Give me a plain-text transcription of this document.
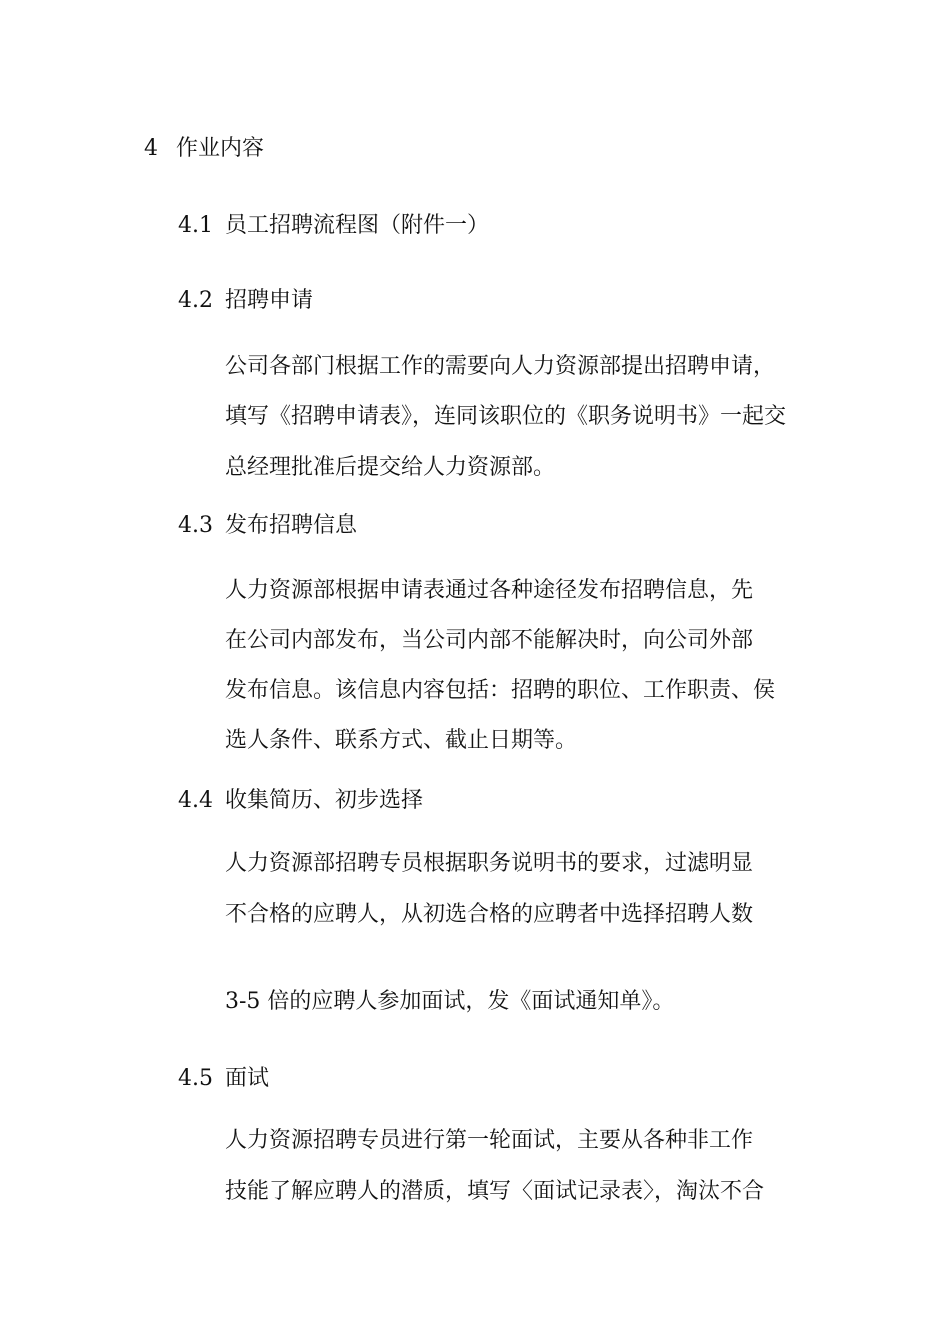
4 作业内容
4.1 员工招聘流程图（附件一）
4.2 招聘申请
公司各部门根据工作的需要向人力资源部提出招聘申请，
填写《招聘申请表》，连同该职位的《职务说明书》一起交
总经理批准后提交给人力资源部。
4.3 发布招聘信息
人力资源部根据申请表通过各种途径发布招聘信息，先
在公司内部发布，当公司内部不能解决时，向公司外部
发布信息。该信息内容包括：招聘的职位、工作职责、侯
选人条件、联系方式、截止日期等。
4.4 收集简历、初步选择
人力资源部招聘专员根据职务说明书的要求，过滤明显
不合格的应聘人，从初选合格的应聘者中选择招聘人数
3-5 倍的应聘人参加面试，发《面试通知单》。
4.5 面试
人力资源招聘专员进行第一轮面试，主要从各种非工作
技能了解应聘人的潜质，填写〈面试记录表〉，淘汰不合
